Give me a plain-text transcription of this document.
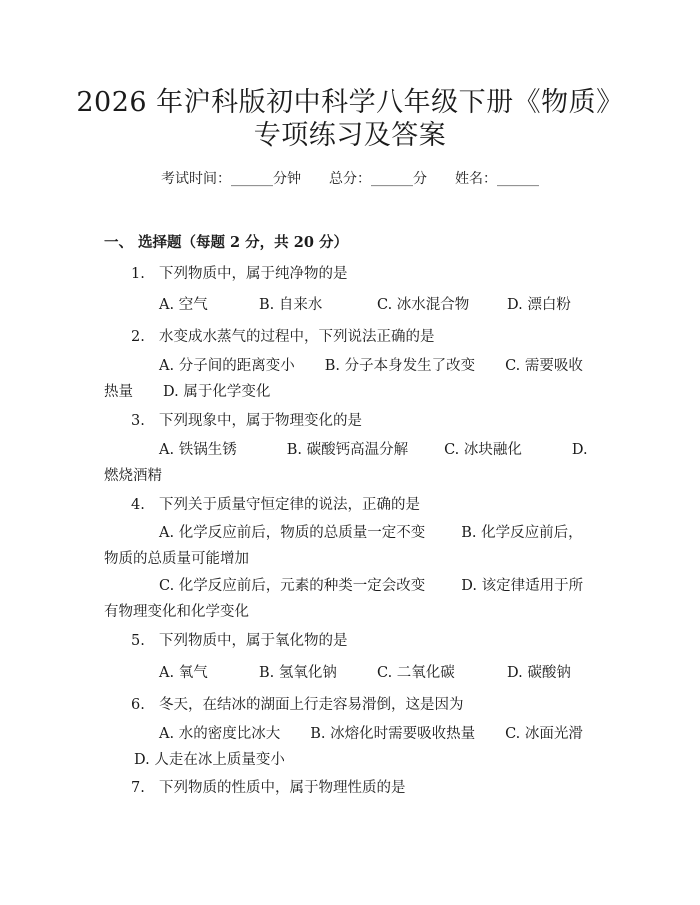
2026 年沪科版初中科学八年级下册《物质》
专项练习及答案
考试时间：______分钟 总分：______分 姓名：______
一、 选择题（每题 2 分，共 20 分）
1. 下列物质中，属于纯净物的是
A. 空气	B. 自来水	C. 冰水混合物	D. 漂白粉
2. 水变成水蒸气的过程中，下列说法正确的是
A. 分子间的距离变小 B. 分子本身发生了改变 C. 需要吸收热量 D. 属于化学变化
3. 下列现象中，属于物理变化的是
A. 铁锅生锈	B. 碳酸钙高温分解 C. 冰块融化	D. 燃烧酒精
4. 下列关于质量守恒定律的说法，正确的是
A. 化学反应前后，物质的总质量一定不变 B. 化学反应前后，物质的总质量可能增加
C. 化学反应前后，元素的种类一定会改变 D. 该定律适用于所有物理变化和化学变化
5. 下列物质中，属于氧化物的是
A. 氧气	B. 氢氧化钠	C. 二氧化碳	D. 碳酸钠
6. 冬天，在结冰的湖面上行走容易滑倒，这是因为
A. 水的密度比冰大 B. 冰熔化时需要吸收热量 C. 冰面光滑D. 人走在冰上质量变小
7. 下列物质的性质中，属于物理性质的是
